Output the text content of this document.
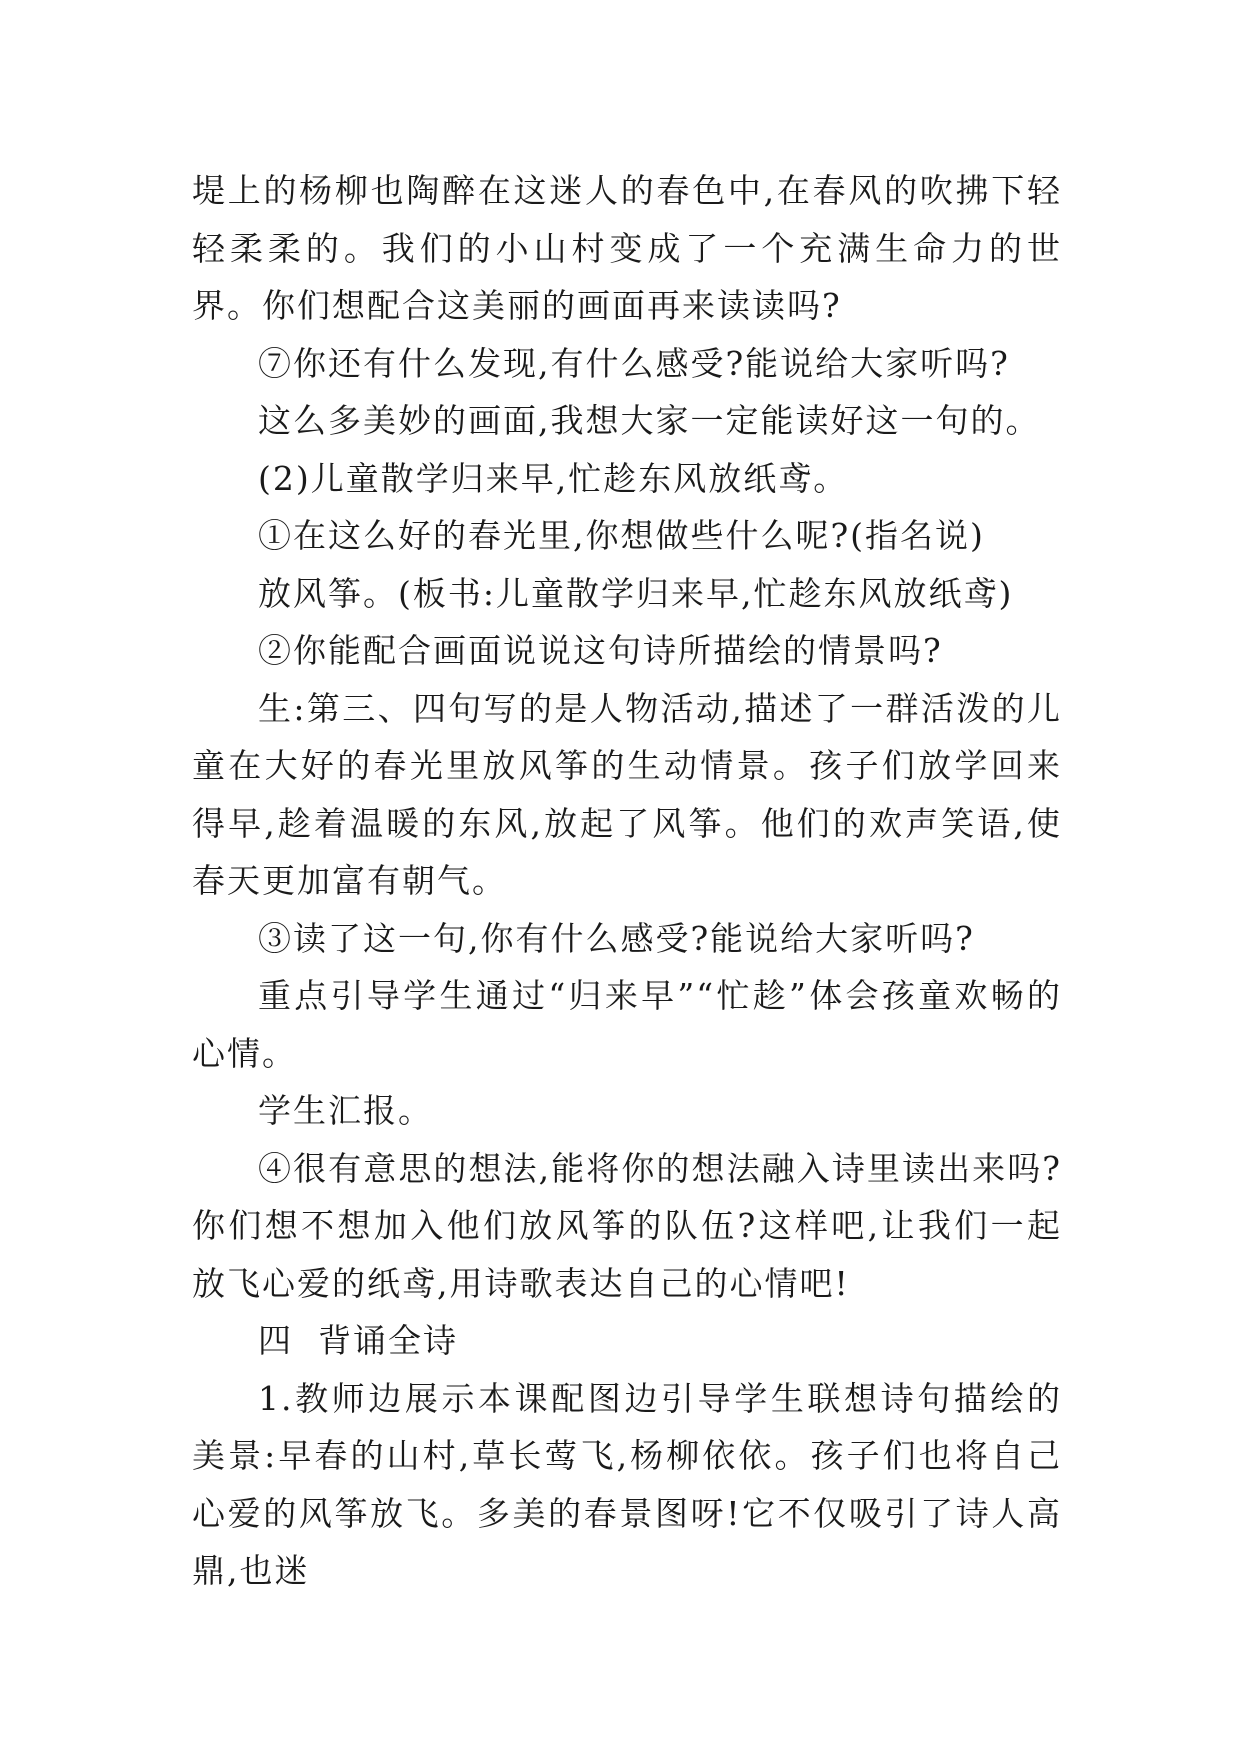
堤上的杨柳也陶醉在这迷人的春色中,在春风的吹拂下轻轻柔柔的。我们的小山村变成了一个充满生命力的世界。你们想配合这美丽的画面再来读读吗?

⑦你还有什么发现,有什么感受?能说给大家听吗?

这么多美妙的画面,我想大家一定能读好这一句的。

(2)儿童散学归来早,忙趁东风放纸鸢。

①在这么好的春光里,你想做些什么呢?(指名说)

放风筝。(板书:儿童散学归来早,忙趁东风放纸鸢)

②你能配合画面说说这句诗所描绘的情景吗?

生:第三、四句写的是人物活动,描述了一群活泼的儿童在大好的春光里放风筝的生动情景。孩子们放学回来得早,趁着温暖的东风,放起了风筝。他们的欢声笑语,使春天更加富有朝气。

③读了这一句,你有什么感受?能说给大家听吗?

重点引导学生通过“归来早”“忙趁”体会孩童欢畅的心情。

学生汇报。

④很有意思的想法,能将你的想法融入诗里读出来吗?你们想不想加入他们放风筝的队伍?这样吧,让我们一起放飞心爱的纸鸢,用诗歌表达自己的心情吧!

四  背诵全诗

1.教师边展示本课配图边引导学生联想诗句描绘的美景:早春的山村,草长莺飞,杨柳依依。孩子们也将自己心爱的风筝放飞。多美的春景图呀!它不仅吸引了诗人高鼎,也迷
